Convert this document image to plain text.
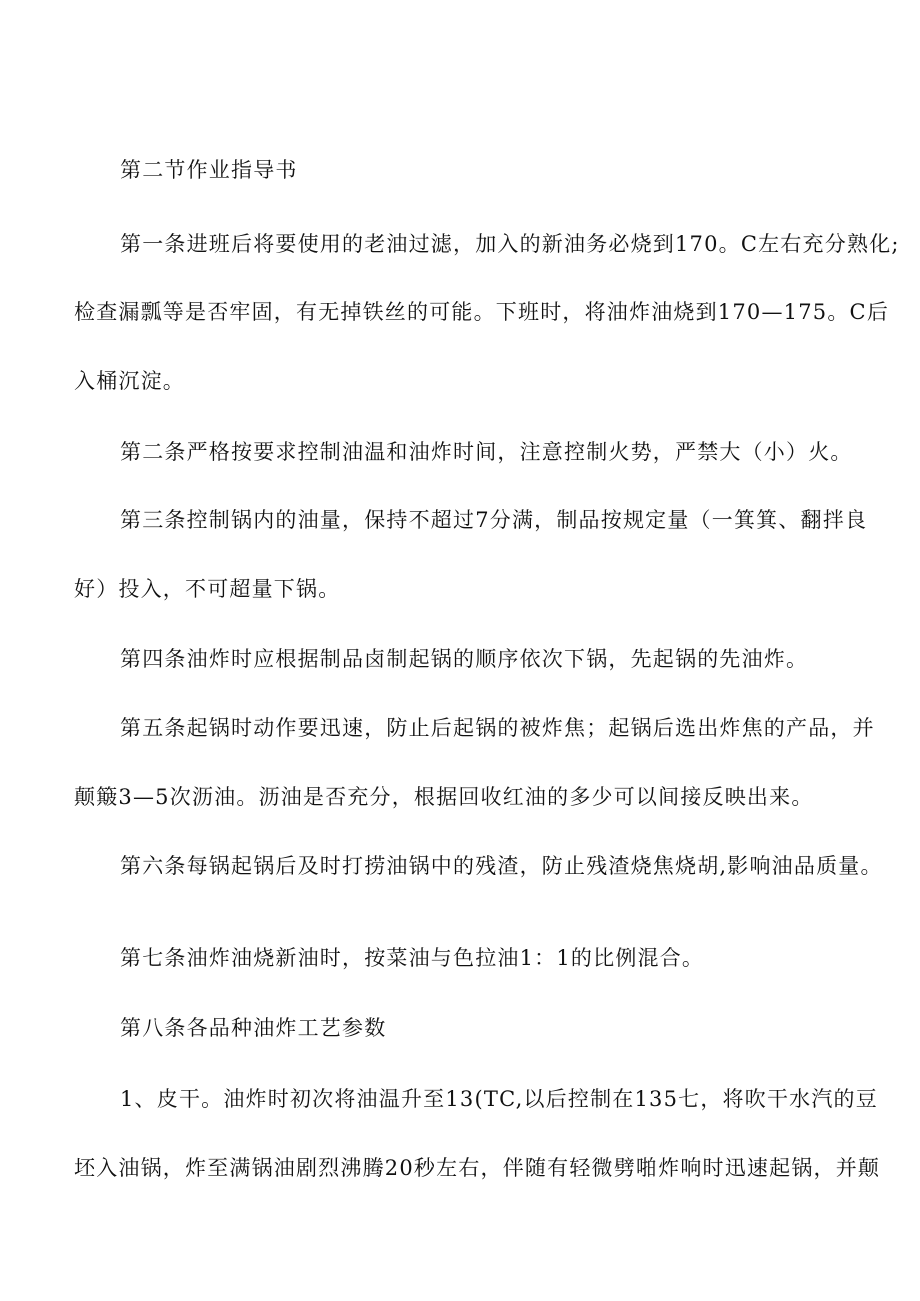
第二节作业指导书
第一条进班后将要使用的老油过滤，加入的新油务必烧到170。C左右充分熟化;
检查漏瓢等是否牢固，有无掉铁丝的可能。下班时，将油炸油烧到170—175。C后
入桶沉淀。
第二条严格按要求控制油温和油炸时间，注意控制火势，严禁大（小）火。
第三条控制锅内的油量，保持不超过7分满，制品按规定量（一箕箕、翻拌良
好）投入，不可超量下锅。
第四条油炸时应根据制品卤制起锅的顺序依次下锅，先起锅的先油炸。
第五条起锅时动作要迅速，防止后起锅的被炸焦；起锅后选出炸焦的产品，并
颠簸3—5次沥油。沥油是否充分，根据回收红油的多少可以间接反映出来。
第六条每锅起锅后及时打捞油锅中的残渣，防止残渣烧焦烧胡,影响油品质量。
第七条油炸油烧新油时，按菜油与色拉油1：1的比例混合。
第八条各品种油炸工艺参数
1、皮干。油炸时初次将油温升至13(TC,以后控制在135七，将吹干水汽的豆
坯入油锅，炸至满锅油剧烈沸腾20秒左右，伴随有轻微劈啪炸响时迅速起锅，并颠
